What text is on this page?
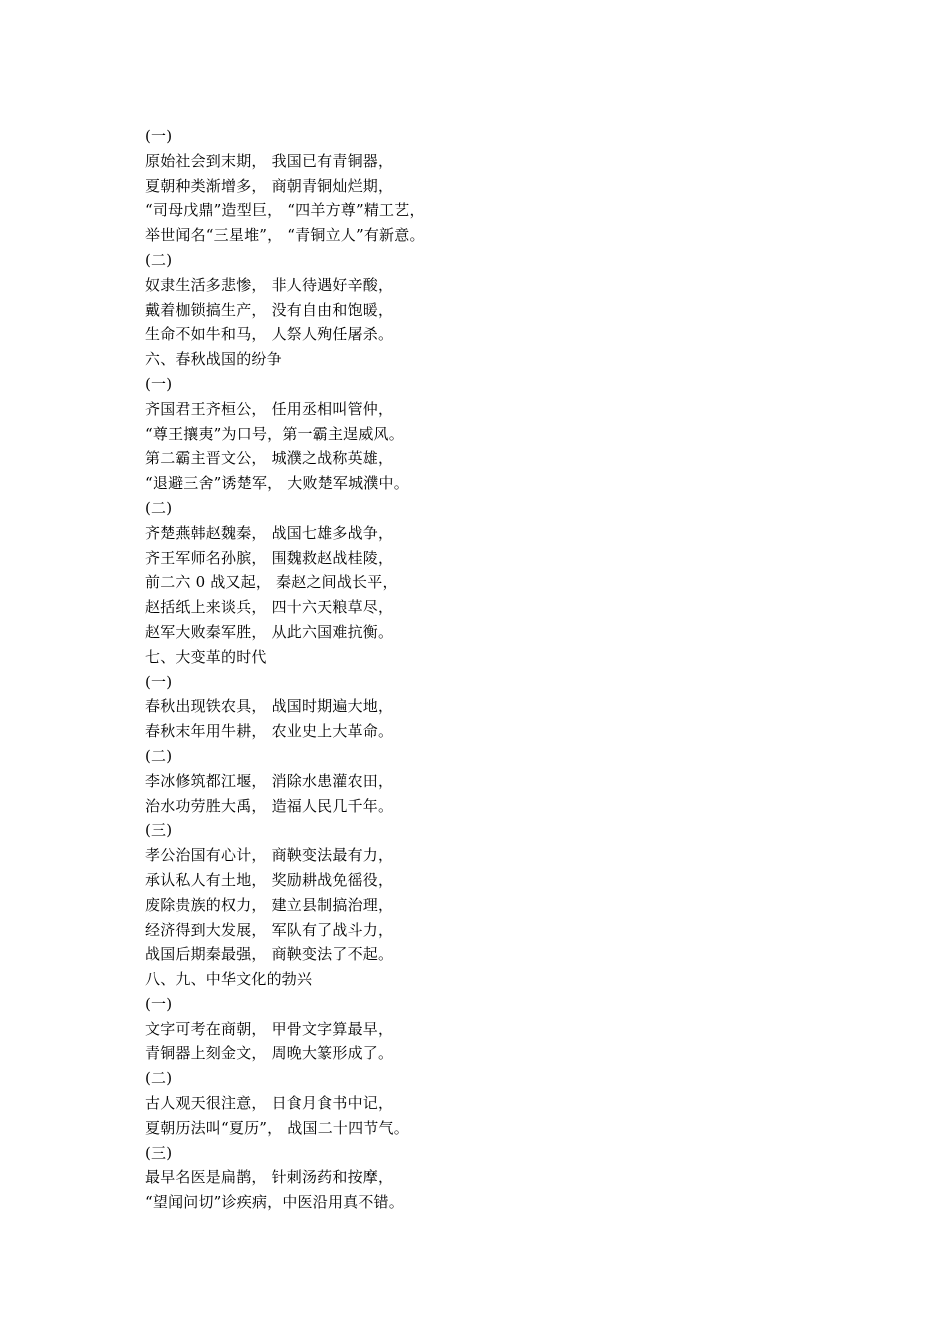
(一)
原始社会到末期， 我国已有青铜器，
夏朝种类渐增多， 商朝青铜灿烂期，
“司母戊鼎”造型巨， “四羊方尊”精工艺，
举世闻名“三星堆”， “青铜立人”有新意。
(二)
奴隶生活多悲惨， 非人待遇好辛酸，
戴着枷锁搞生产， 没有自由和饱暖，
生命不如牛和马， 人祭人殉任屠杀。
六、春秋战国的纷争
(一)
齐国君王齐桓公， 任用丞相叫管仲，
“尊王攘夷”为口号，第一霸主逞威风。
第二霸主晋文公， 城濮之战称英雄，
“退避三舍”诱楚军， 大败楚军城濮中。
(二)
齐楚燕韩赵魏秦， 战国七雄多战争，
齐王军师名孙膑， 围魏救赵战桂陵，
前二六 0 战又起， 秦赵之间战长平，
赵括纸上来谈兵， 四十六天粮草尽，
赵军大败秦军胜， 从此六国难抗衡。
七、大变革的时代
(一)
春秋出现铁农具， 战国时期遍大地，
春秋末年用牛耕， 农业史上大革命。
(二)
李冰修筑都江堰， 消除水患灌农田，
治水功劳胜大禹， 造福人民几千年。
(三)
孝公治国有心计， 商鞅变法最有力，
承认私人有土地， 奖励耕战免徭役，
废除贵族的权力， 建立县制搞治理，
经济得到大发展， 军队有了战斗力，
战国后期秦最强， 商鞅变法了不起。
八、九、中华文化的勃兴
(一)
文字可考在商朝， 甲骨文字算最早，
青铜器上刻金文， 周晚大篆形成了。
(二)
古人观天很注意， 日食月食书中记，
夏朝历法叫“夏历”， 战国二十四节气。
(三)
最早名医是扁鹊， 针刺汤药和按摩，
“望闻问切”诊疾病，中医沿用真不错。
